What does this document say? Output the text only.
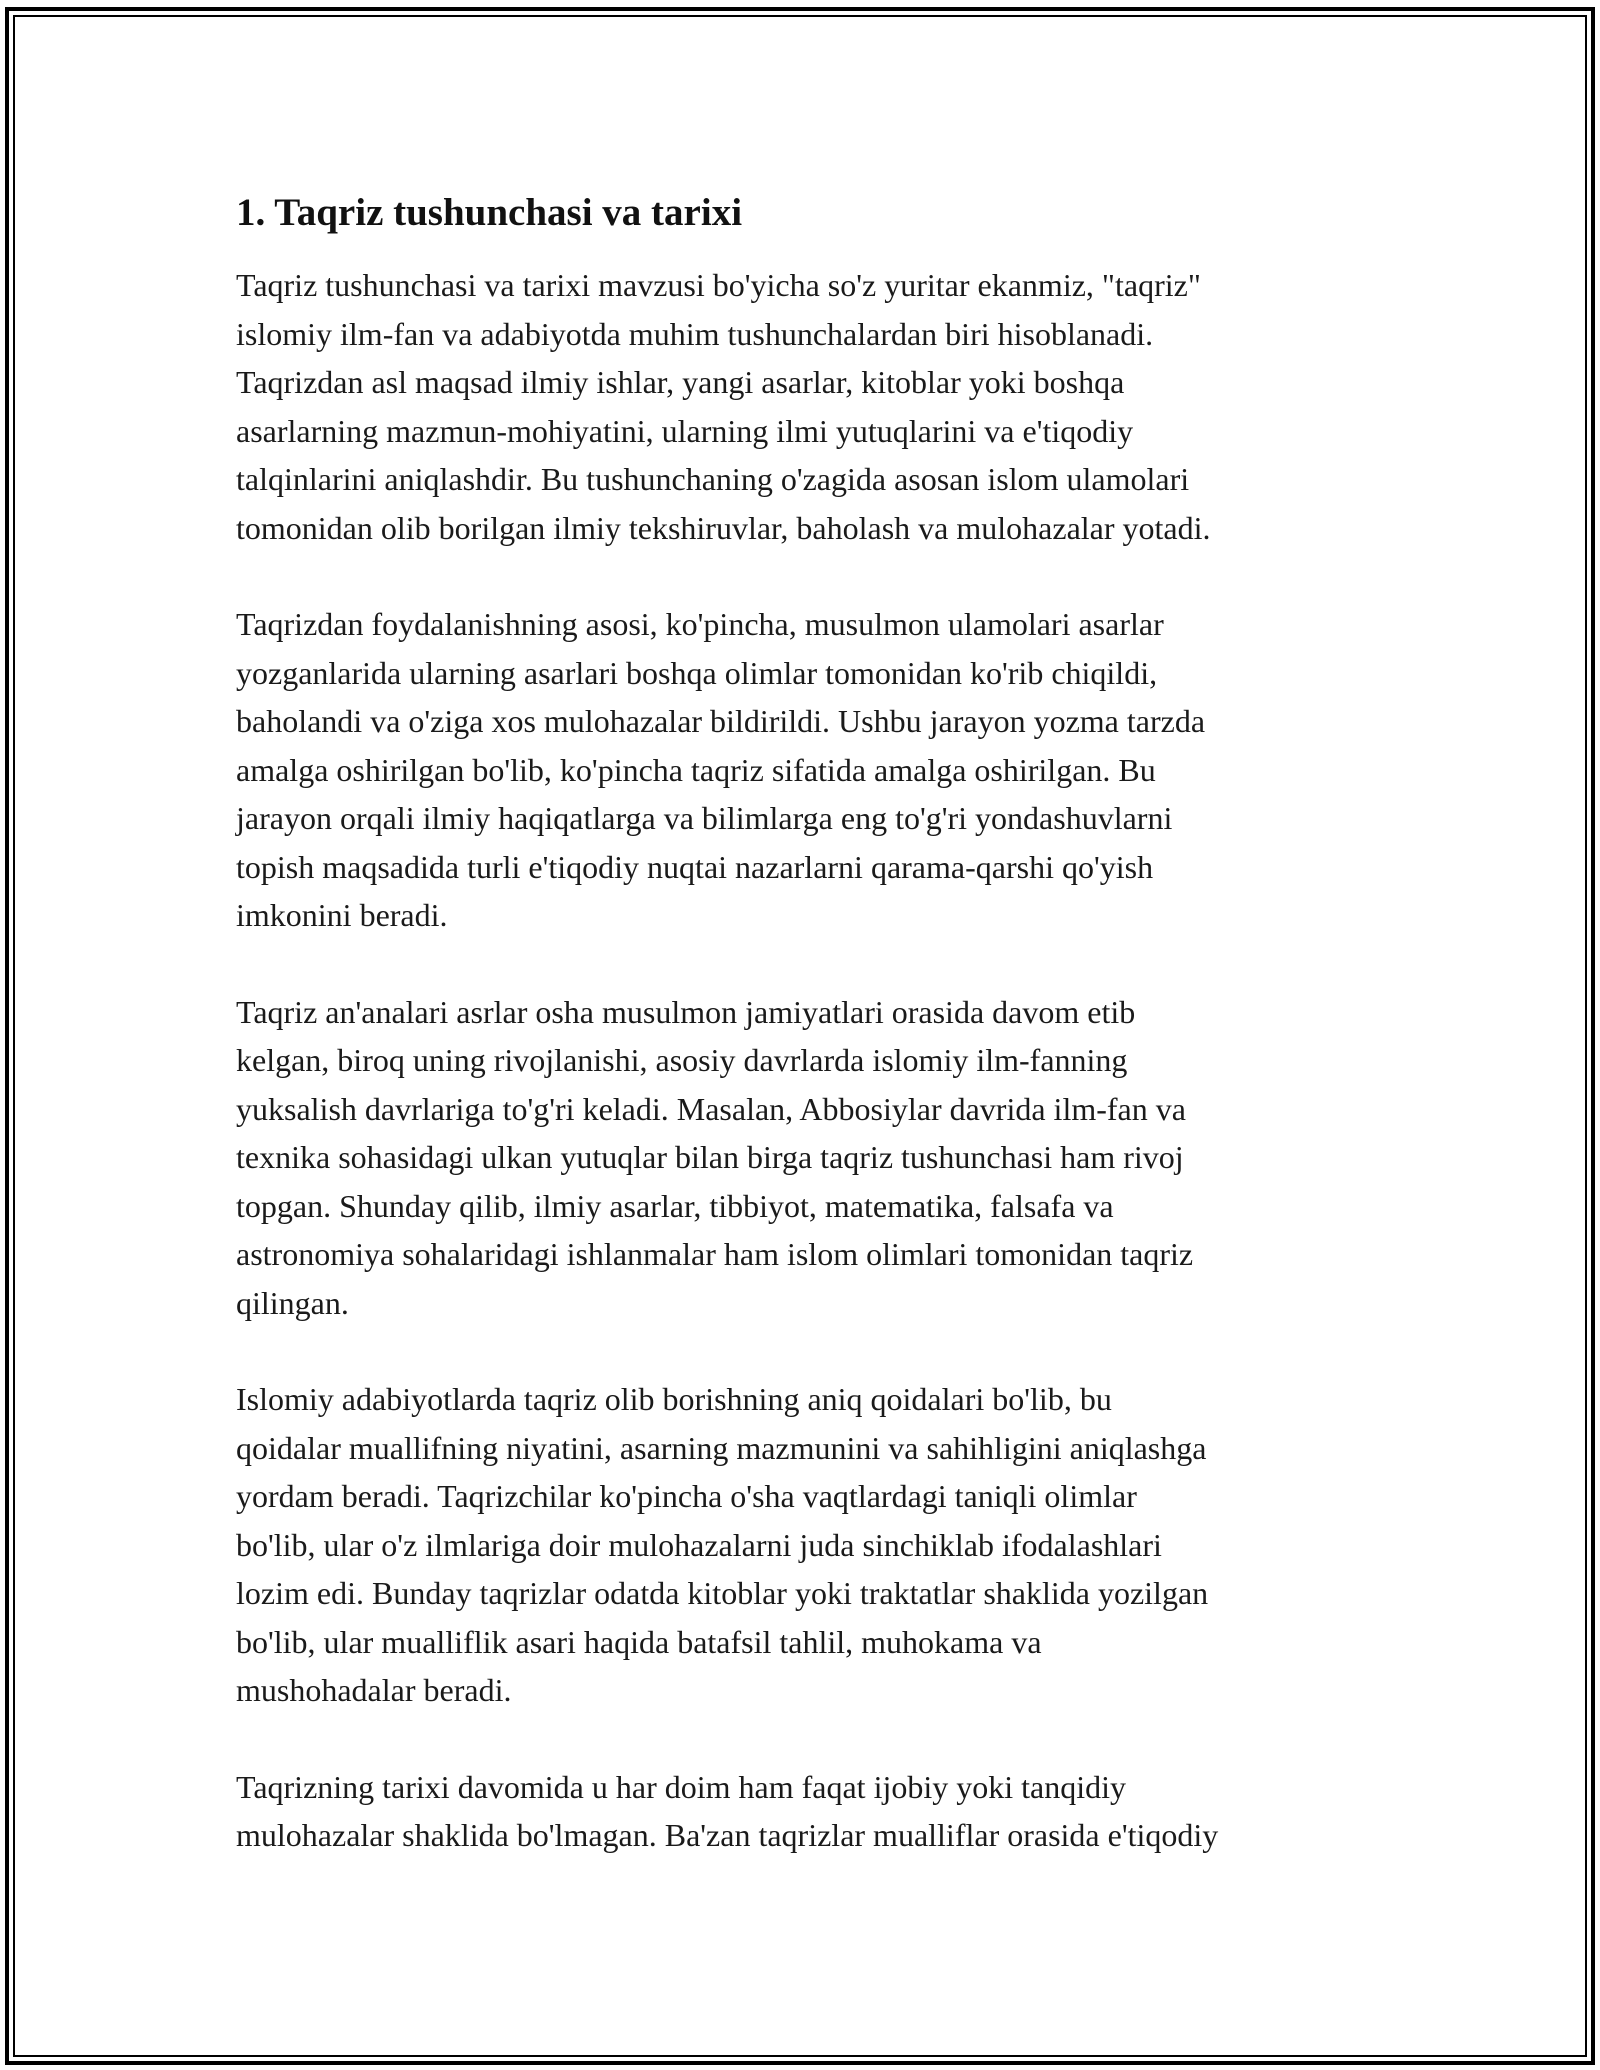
1. Taqriz tushunchasi va tarixi

Taqriz tushunchasi va tarixi mavzusi bo'yicha so'z yuritar ekanmiz, "taqriz"
islomiy ilm-fan va adabiyotda muhim tushunchalardan biri hisoblanadi.
Taqrizdan asl maqsad ilmiy ishlar, yangi asarlar, kitoblar yoki boshqa
asarlarning mazmun-mohiyatini, ularning ilmi yutuqlarini va e'tiqodiy
talqinlarini aniqlashdir. Bu tushunchaning o'zagida asosan islom ulamolari
tomonidan olib borilgan ilmiy tekshiruvlar, baholash va mulohazalar yotadi.

Taqrizdan foydalanishning asosi, ko'pincha, musulmon ulamolari asarlar
yozganlarida ularning asarlari boshqa olimlar tomonidan ko'rib chiqildi,
baholandi va o'ziga xos mulohazalar bildirildi. Ushbu jarayon yozma tarzda
amalga oshirilgan bo'lib, ko'pincha taqriz sifatida amalga oshirilgan. Bu
jarayon orqali ilmiy haqiqatlarga va bilimlarga eng to'g'ri yondashuvlarni
topish maqsadida turli e'tiqodiy nuqtai nazarlarni qarama-qarshi qo'yish
imkonini beradi.

Taqriz an'analari asrlar osha musulmon jamiyatlari orasida davom etib
kelgan, biroq uning rivojlanishi, asosiy davrlarda islomiy ilm-fanning
yuksalish davrlariga to'g'ri keladi. Masalan, Abbosiylar davrida ilm-fan va
texnika sohasidagi ulkan yutuqlar bilan birga taqriz tushunchasi ham rivoj
topgan. Shunday qilib, ilmiy asarlar, tibbiyot, matematika, falsafa va
astronomiya sohalaridagi ishlanmalar ham islom olimlari tomonidan taqriz
qilingan.

Islomiy adabiyotlarda taqriz olib borishning aniq qoidalari bo'lib, bu
qoidalar muallifning niyatini, asarning mazmunini va sahihligini aniqlashga
yordam beradi. Taqrizchilar ko'pincha o'sha vaqtlardagi taniqli olimlar
bo'lib, ular o'z ilmlariga doir mulohazalarni juda sinchiklab ifodalashlari
lozim edi. Bunday taqrizlar odatda kitoblar yoki traktatlar shaklida yozilgan
bo'lib, ular mualliflik asari haqida batafsil tahlil, muhokama va
mushohadalar beradi.

Taqrizning tarixi davomida u har doim ham faqat ijobiy yoki tanqidiy
mulohazalar shaklida bo'lmagan. Ba'zan taqrizlar mualliflar orasida e'tiqodiy
